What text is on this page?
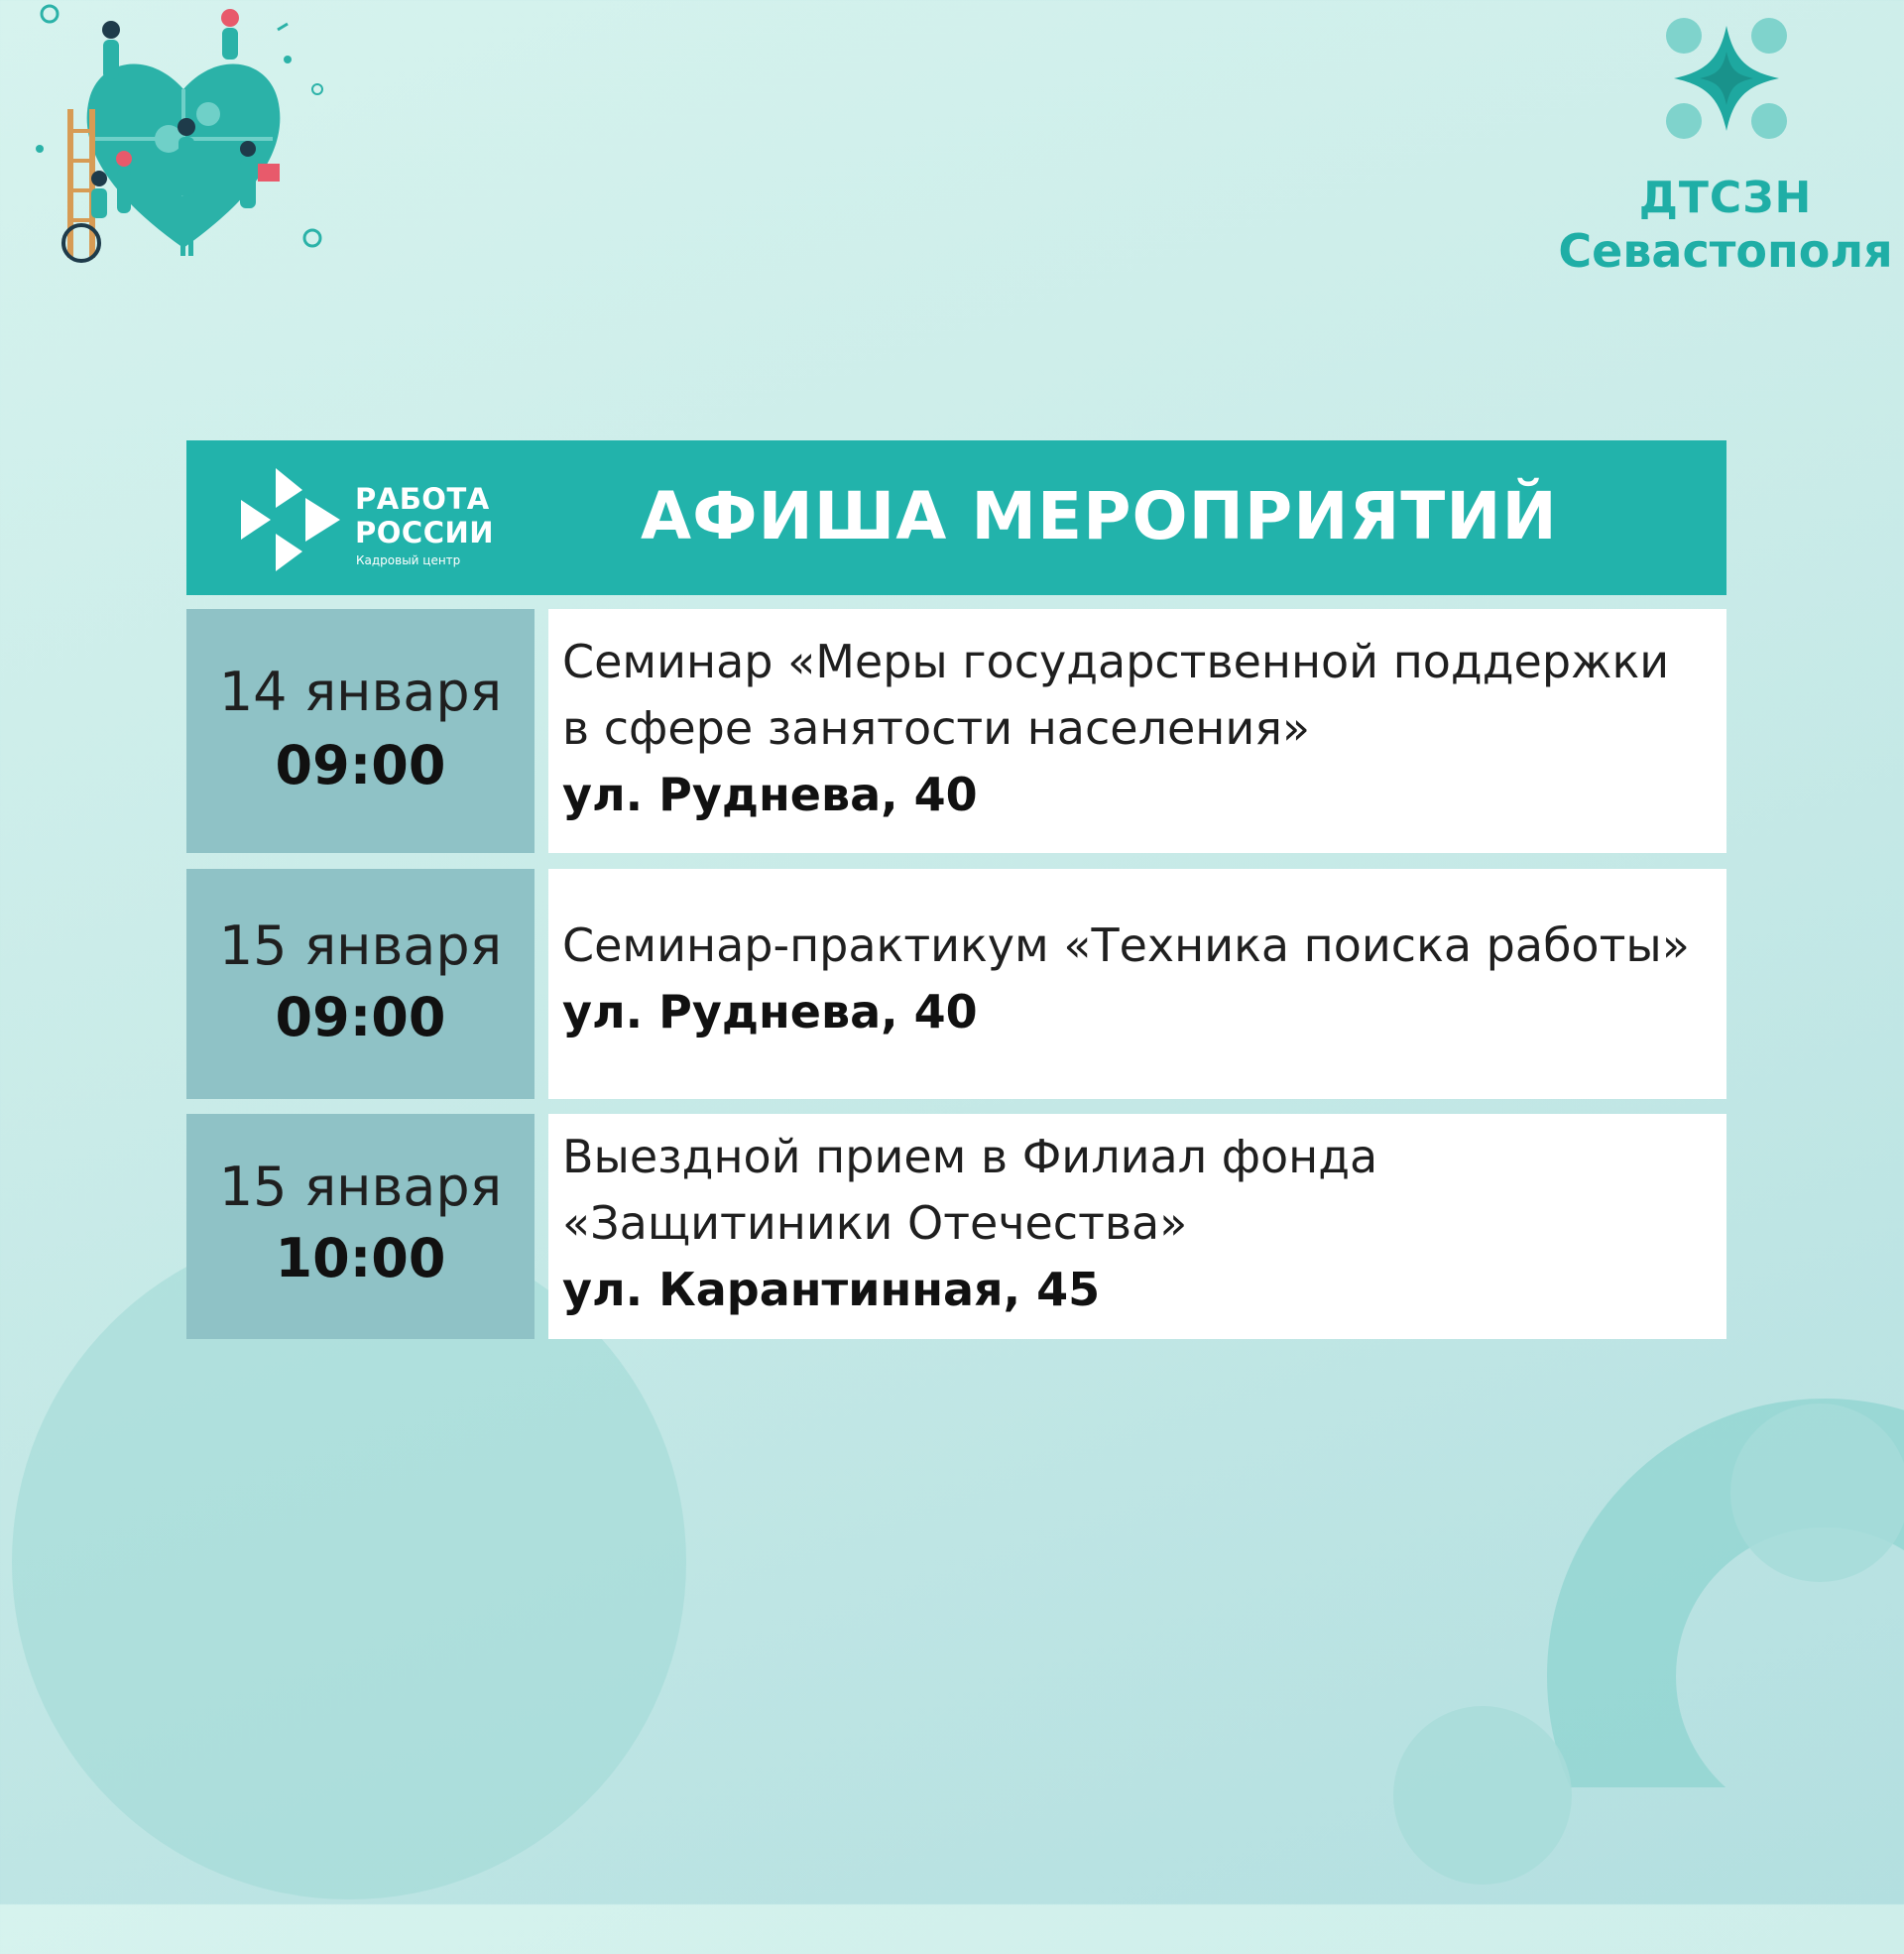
ДТСЗН
Севастополя
РАБОТА
РОССИИ
Кадровый центр
АФИША МЕРОПРИЯТИЙ
14 января
09:00
Семинар «Меры государственной поддержки
в сфере занятости населения»
ул. Руднева, 40
15 января
09:00
Семинар-практикум «Техника поиска работы»
ул. Руднева, 40
15 января
10:00
Выездной прием в Филиал фонда
«Защитиники Отечества»
ул. Карантинная, 45
